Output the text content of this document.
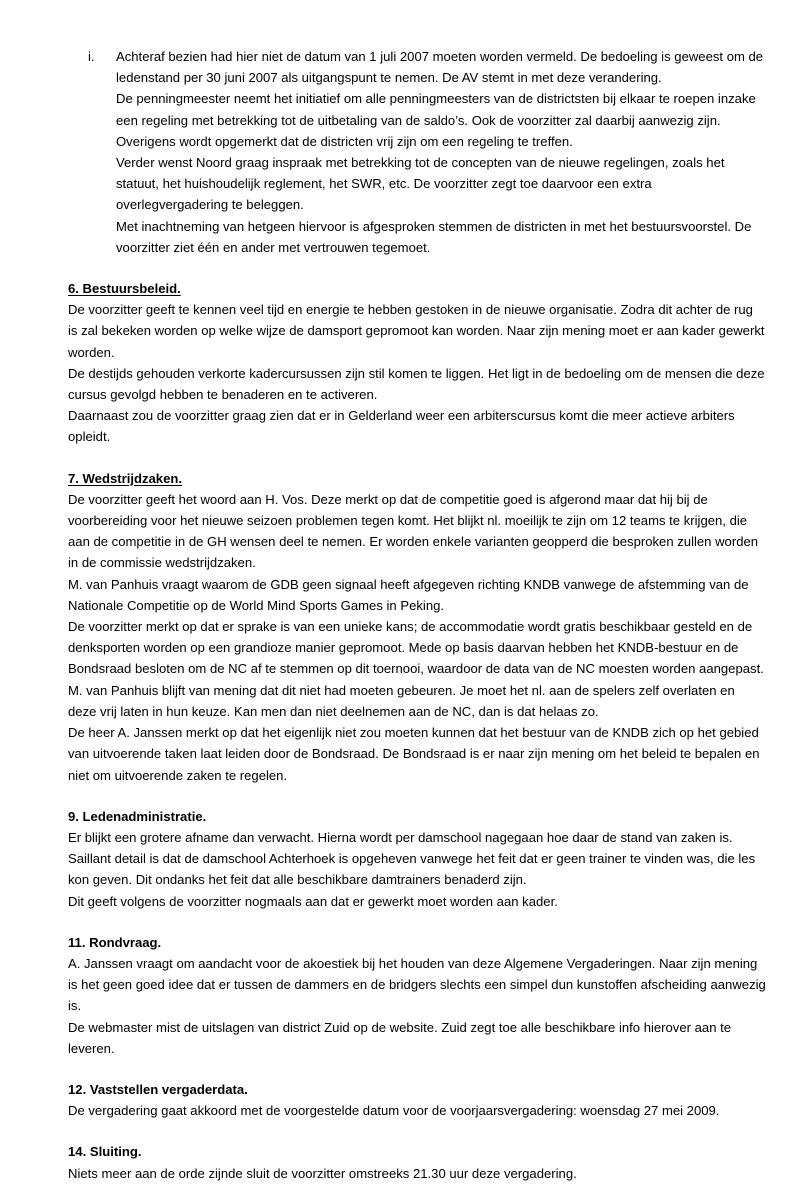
i. Achteraf bezien had hier niet de datum van 1 juli 2007 moeten worden vermeld. De bedoeling is geweest om de ledenstand per 30 juni 2007 als uitgangspunt te nemen. De AV stemt in met deze verandering.

De penningmeester neemt het initiatief om alle penningmeesters van de districtsten bij elkaar te roepen inzake een regeling met betrekking tot de uitbetaling van de saldo’s. Ook de voorzitter zal daarbij aanwezig zijn. Overigens wordt opgemerkt dat de districten vrij zijn om een regeling te treffen.

Verder wenst Noord graag inspraak met betrekking tot de concepten van de nieuwe regelingen, zoals het statuut, het huishoudelijk reglement, het SWR, etc. De voorzitter zegt toe daarvoor een extra overlegvergadering te beleggen.

Met inachtneming van hetgeen hiervoor is afgesproken stemmen de districten in met het bestuursvoorstel. De voorzitter ziet één en ander met vertrouwen tegemoet.

6. Bestuursbeleid.

De voorzitter geeft te kennen veel tijd en energie te hebben gestoken in de nieuwe organisatie. Zodra dit achter de rug is zal bekeken worden op welke wijze de damsport gepromoot kan worden. Naar zijn mening moet er aan kader gewerkt worden.

De destijds gehouden verkorte kadercursussen zijn stil komen te liggen. Het ligt in de bedoeling om de mensen die deze cursus gevolgd hebben te benaderen en te activeren.

Daarnaast zou de voorzitter graag zien dat er in Gelderland weer een arbiterscursus komt die meer actieve arbiters opleidt.

7. Wedstrijdzaken.

De voorzitter geeft het woord aan H. Vos. Deze merkt op dat de competitie goed is afgerond maar dat hij bij de voorbereiding voor het nieuwe seizoen problemen tegen komt. Het blijkt nl. moeilijk te zijn om 12 teams te krijgen, die aan de competitie in de GH wensen deel te nemen. Er worden enkele varianten geopperd die besproken zullen worden in de commissie wedstrijdzaken.

M. van Panhuis vraagt waarom de GDB geen signaal heeft afgegeven richting KNDB vanwege de afstemming van de Nationale Competitie op de World Mind Sports Games in Peking.

De voorzitter merkt op dat er sprake is van een unieke kans; de accommodatie wordt gratis beschikbaar gesteld en de denksporten worden op een grandioze manier gepromoot. Mede op basis daarvan hebben het KNDB-bestuur en de Bondsraad besloten om de NC af te stemmen op dit toernooi, waardoor de data van de NC moesten worden aangepast.

M. van Panhuis blijft van mening dat dit niet had moeten gebeuren. Je moet het nl. aan de spelers zelf overlaten en deze vrij laten in hun keuze. Kan men dan niet deelnemen aan de NC, dan is dat helaas zo.

De heer A. Janssen merkt op dat het eigenlijk niet zou moeten kunnen dat het bestuur van de KNDB zich op het gebied van uitvoerende taken laat leiden door de Bondsraad. De Bondsraad is er naar zijn mening om het beleid te bepalen en niet om uitvoerende zaken te regelen.

9. Ledenadministratie.

Er blijkt een grotere afname dan verwacht. Hierna wordt per damschool nagegaan hoe daar de stand van zaken is. Saillant detail is dat de damschool Achterhoek is opgeheven vanwege het feit dat er geen trainer te vinden was, die les kon geven. Dit ondanks het feit dat alle beschikbare damtrainers benaderd zijn.

Dit geeft volgens de voorzitter nogmaals aan dat er gewerkt moet worden aan kader.

11. Rondvraag.

A. Janssen vraagt om aandacht voor de akoestiek bij het houden van deze Algemene Vergaderingen. Naar zijn mening is het geen goed idee dat er tussen de dammers en de bridgers slechts een simpel dun kunstoffen afscheiding aanwezig is.

De webmaster mist de uitslagen van district Zuid op de website. Zuid zegt toe alle beschikbare info hierover aan te leveren.

12. Vaststellen vergaderdata.

De vergadering gaat akkoord met de voorgestelde datum voor de voorjaarsvergadering: woensdag 27 mei 2009.

14. Sluiting.

Niets meer aan de orde zijnde sluit de voorzitter omstreeks 21.30 uur deze vergadering.
